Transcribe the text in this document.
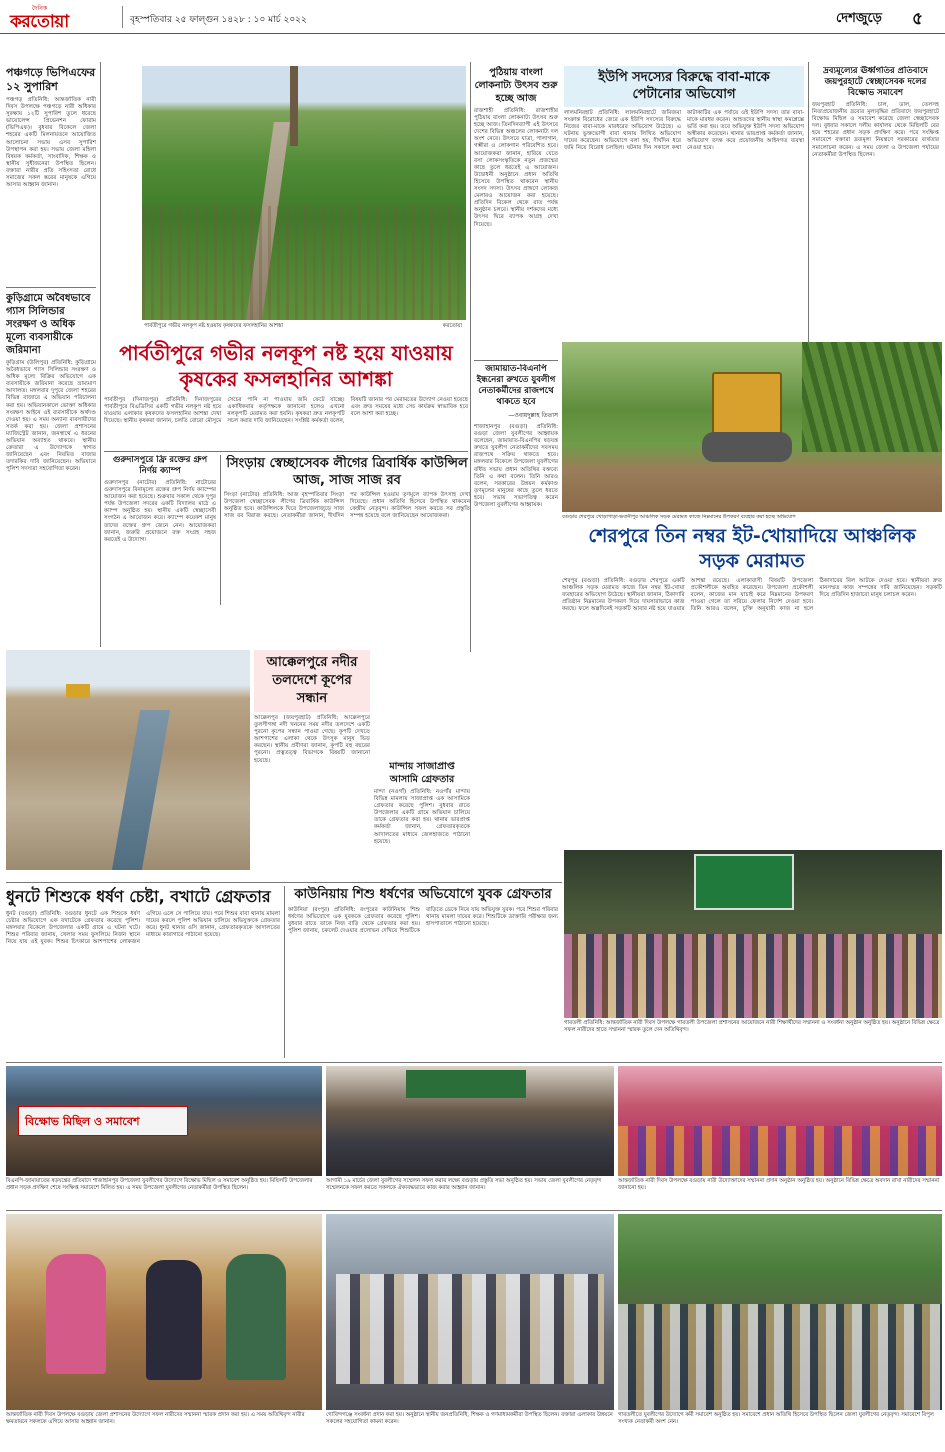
দৈনিক
করতোয়া	বৃহস্পতিবার ২৫ ফাল্গুন ১৪২৮ : ১০ মার্চ ২০২২	দেশজুড়ে ৫
পঞ্চগড়ে ভিপিএফের ১২ সুপারিশ
পঞ্চগড় প্রতিনিধি: আন্তর্জাতিক নারী দিবস উপলক্ষে পঞ্চগড়ে নারী অধিকার সুরক্ষায় ১২টি সুপারিশ তুলে ধরেছে ভায়োলেন্স প্রিভেনশন ফোরাম (ভিপিএফ)। বুধবার বিকেলে জেলা শহরের একটি মিলনায়তনে আয়োজিত আলোচনা সভায় এসব সুপারিশ উপস্থাপন করা হয়। সভায় জেলা মহিলা বিষয়ক কর্মকর্তা, সাংবাদিক, শিক্ষক ও স্থানীয় সুধীজনেরা উপস্থিত ছিলেন। বক্তারা নারীর প্রতি সহিংসতা রোধে সমাজের সকল স্তরের মানুষকে এগিয়ে আসার আহ্বান জানান।
কুড়িগ্রামে অবৈধভাবে গ্যাস সিলিন্ডার সংরক্ষণ ও অধিক মূল্যে ব্যবসায়ীকে জরিমানা
কুড়িগ্রাম (উলিপুর) প্রতিনিধি: কুড়িগ্রামে অবৈধভাবে গ্যাস সিলিন্ডার সংরক্ষণ ও অধিক মূল্যে বিক্রির অভিযোগে এক ব্যবসায়ীকে জরিমানা করেছে ভ্রাম্যমাণ আদালত। মঙ্গলবার দুপুরে জেলা শহরের বিভিন্ন বাজারে এ অভিযান পরিচালনা করা হয়। অভিযানকালে ভোক্তা অধিকার সংরক্ষণ আইনে ওই ব্যবসায়ীকে অর্থদণ্ড দেওয়া হয়। এ সময় অন্যান্য ব্যবসায়ীদের সতর্ক করা হয়। জেলা প্রশাসনের ম্যাজিস্ট্রেট জানান, জনস্বার্থে এ ধরনের অভিযান অব্যাহত থাকবে। স্থানীয় ক্রেতারা এ উদ্যোগকে স্বাগত জানিয়েছেন এবং নিয়মিত বাজার তদারকির দাবি জানিয়েছেন। অভিযানে পুলিশ সদস্যরা সহযোগিতা করেন।
পার্বতীপুরে গভীর নলকূপ নষ্ট হওয়ায় কৃষকদের ফসলহানির আশঙ্কা	করতোয়া
পার্বতীপুরে গভীর নলকূপ নষ্ট হয়ে যাওয়ায় কৃষকের ফসলহানির আশঙ্কা
পার্বতীপুর (দিনাজপুর) প্রতিনিধি: দিনাজপুরের পার্বতীপুরে বিএডিসির একটি গভীর নলকূপ নষ্ট হয়ে যাওয়ায় এলাকার কৃষকদের ফসলহানির আশঙ্কা দেখা দিয়েছে। স্থানীয় কৃষকরা জানান, চলতি বোরো মৌসুমে সেচের পানি না পাওয়ায় জমি ফেটে যাচ্ছে। একাধিকবার কর্তৃপক্ষকে জানানো হলেও এখনো নলকূপটি মেরামত করা হয়নি। কৃষকরা দ্রুত নলকূপটি সচল করার দাবি জানিয়েছেন। সংশ্লিষ্ট কর্মকর্তা বলেন, বিষয়টি জানার পর মেরামতের উদ্যোগ নেওয়া হয়েছে এবং দ্রুত সময়ের মধ্যে সেচ কার্যক্রম স্বাভাবিক হবে বলে আশা করা হচ্ছে।
গুরুদাসপুরে ফ্রি রক্তের গ্রুপ নির্ণয় ক্যাম্প
গুরুদাসপুর (নাটোর) প্রতিনিধি: নাটোরের গুরুদাসপুরে বিনামূল্যে রক্তের গ্রুপ নির্ণয় ক্যাম্পের আয়োজন করা হয়েছে। শুক্রবার সকাল থেকে দুপুর পর্যন্ত উপজেলা সদরের একটি বিদ্যালয় মাঠে এ ক্যাম্প অনুষ্ঠিত হয়। স্থানীয় একটি স্বেচ্ছাসেবী সংগঠন এ আয়োজন করে। ক্যাম্পে কয়েকশ মানুষ তাদের রক্তের গ্রুপ জেনে নেন। আয়োজকরা জানান, জরুরি প্রয়োজনে রক্ত সংগ্রহ সহজ করতেই এ উদ্যোগ।
সিংড়ায় স্বেচ্ছাসেবক লীগের ত্রিবার্ষিক কাউন্সিল আজ, সাজ সাজ রব
সিংড়া (নাটোর) প্রতিনিধি: আজ বৃহস্পতিবার সিংড়া উপজেলা স্বেচ্ছাসেবক লীগের ত্রিবার্ষিক কাউন্সিল অনুষ্ঠিত হবে। কাউন্সিলকে ঘিরে উপজেলাজুড়ে সাজ সাজ রব বিরাজ করছে। নেতাকর্মীরা জানান, দীর্ঘদিন পর কাউন্সিল হওয়ায় তৃণমূলে ব্যাপক উৎসাহ দেখা দিয়েছে। প্রধান অতিথি হিসেবে উপস্থিত থাকবেন কেন্দ্রীয় নেতৃবৃন্দ। কাউন্সিল সফল করতে সব প্রস্তুতি সম্পন্ন হয়েছে বলে জানিয়েছেন আয়োজকরা।
পুঠিয়ায় বাংলা লোকনাট্য উৎসব শুরু হচ্ছে আজ
রাজশাহী প্রতিনিধি: রাজশাহীর পুঠিয়ায় বাংলা লোকনাট্য উৎসব শুরু হচ্ছে আজ। তিনদিনব্যাপী এই উৎসবে দেশের বিভিন্ন অঞ্চলের লোকনাট্য দল অংশ নেবে। উৎসবে যাত্রা, পালাগান, গম্ভীরা ও লোকগান পরিবেশিত হবে। আয়োজকরা জানান, হারিয়ে যেতে বসা লোকসংস্কৃতিকে নতুন প্রজন্মের কাছে তুলে ধরতেই এ আয়োজন। উদ্বোধনী অনুষ্ঠানে প্রধান অতিথি হিসেবে উপস্থিত থাকবেন স্থানীয় সংসদ সদস্য। উৎসব প্রাঙ্গণে লোকজ মেলারও আয়োজন করা হয়েছে। প্রতিদিন বিকেল থেকে রাত পর্যন্ত অনুষ্ঠান চলবে। স্থানীয় দর্শকদের মধ্যে উৎসব ঘিরে ব্যাপক আগ্রহ দেখা দিয়েছে।
জামায়াত-বিএনপি ইন্ধনেরা রুখতে যুবলীগ নেতাকর্মীদের রাজপথে থাকতে হবে
—ওবায়দুল্লাহ তিতাস
শাজাহানপুর (বগুড়া) প্রতিনিধি: বগুড়া জেলা যুবলীগের আহ্বায়ক বলেছেন, জামায়াত-বিএনপির ষড়যন্ত্র রুখতে যুবলীগ নেতাকর্মীদের সবসময় রাজপথে সক্রিয় থাকতে হবে। মঙ্গলবার বিকেলে উপজেলা যুবলীগের বর্ধিত সভায় প্রধান অতিথির বক্তব্যে তিনি এ কথা বলেন। তিনি আরও বলেন, সরকারের উন্নয়ন কর্মকাণ্ড তৃণমূলের মানুষের কাছে তুলে ধরতে হবে। সভায় সভাপতিত্ব করেন উপজেলা যুবলীগের আহ্বায়ক।
ইউপি সদস্যের বিরুদ্ধে বাবা-মাকে পেটানোর অভিযোগ
লালমনিরহাট প্রতিনিধি: লালমনিরহাটে জমিজমা সংক্রান্ত বিরোধের জেরে এক ইউপি সদস্যের বিরুদ্ধে নিজের বাবা-মাকে মারধরের অভিযোগ উঠেছে। এ ঘটনায় ভুক্তভোগী বাবা থানায় লিখিত অভিযোগ দায়ের করেছেন। অভিযোগে বলা হয়, দীর্ঘদিন ধরে জমি নিয়ে বিরোধ চলছিল। ঘটনার দিন সকালে কথা কাটাকাটির এক পর্যায়ে ওই ইউপি সদস্য তার বাবা-মাকে মারধর করেন। আহতদের স্থানীয় স্বাস্থ্য কমপ্লেক্সে ভর্তি করা হয়। তবে অভিযুক্ত ইউপি সদস্য অভিযোগ অস্বীকার করেছেন। থানার ভারপ্রাপ্ত কর্মকর্তা জানান, অভিযোগ তদন্ত করে প্রয়োজনীয় আইনগত ব্যবস্থা নেওয়া হবে।
দ্রব্যমূল্যের ঊর্ধ্বগতির প্রতিবাদে জয়পুরহাটে স্বেচ্ছাসেবক দলের বিক্ষোভ সমাবেশ
জয়পুরহাট প্রতিনিধি: চাল, ডাল, তেলসহ নিত্যপ্রয়োজনীয় দ্রব্যের মূল্যবৃদ্ধির প্রতিবাদে জয়পুরহাটে বিক্ষোভ মিছিল ও সমাবেশ করেছে জেলা স্বেচ্ছাসেবক দল। বুধবার সকালে দলীয় কার্যালয় থেকে মিছিলটি বের হয়ে শহরের প্রধান সড়ক প্রদক্ষিণ করে। পরে সংক্ষিপ্ত সমাবেশে বক্তারা দ্রব্যমূল্য নিয়ন্ত্রণে সরকারের ব্যর্থতার সমালোচনা করেন। এ সময় জেলা ও উপজেলা পর্যায়ের নেতাকর্মীরা উপস্থিত ছিলেন।
বগুড়ার শেরপুরে খোড়াপাড়া-ভবানীপুর আঞ্চলিক সড়ক মেরামত কাজে নিম্নমানের উপকরণ ব্যবহার করা হচ্ছে অভিযোগ
শেরপুরে তিন নম্বর ইট-খোয়াদিয়ে আঞ্চলিক সড়ক মেরামত
শেরপুর (বগুড়া) প্রতিনিধি: বগুড়ার শেরপুরে একটি আঞ্চলিক সড়ক মেরামত কাজে তিন নম্বর ইট-খোয়া ব্যবহারের অভিযোগ উঠেছে। স্থানীয়রা জানান, ঠিকাদারি প্রতিষ্ঠান নিম্নমানের উপকরণ দিয়ে দায়সারাভাবে কাজ করছে। ফলে অল্পদিনেই সড়কটি আবার নষ্ট হয়ে যাওয়ার আশঙ্কা রয়েছে। এলাকাবাসী বিষয়টি উপজেলা প্রকৌশলীকে অবহিত করেছেন। উপজেলা প্রকৌশলী বলেন, কাজের মান যাচাই করে নিম্নমানের উপকরণ পাওয়া গেলে তা সরিয়ে ফেলার নির্দেশ দেওয়া হবে। তিনি আরও বলেন, চুক্তি অনুযায়ী কাজ না হলে ঠিকাদারের বিল আটকে দেওয়া হবে। স্থানীয়রা দ্রুত মানসম্মত কাজ সম্পন্নের দাবি জানিয়েছেন। সড়কটি দিয়ে প্রতিদিন হাজারো মানুষ চলাচল করেন।
আক্কেলপুরে নদীর তলদেশে কূপের সন্ধান
আক্কেলপুর (জয়পুরহাট) প্রতিনিধি: আক্কেলপুরে তুলসীগঙ্গা নদী খননের সময় নদীর তলদেশে একটি পুরনো কূপের সন্ধান পাওয়া গেছে। কূপটি দেখতে আশপাশের এলাকা থেকে উৎসুক মানুষ ভিড় করছেন। স্থানীয় প্রবীণরা জানান, কূপটি বহু বছরের পুরনো। প্রত্নতত্ত্ব বিভাগকে বিষয়টি জানানো হয়েছে।
মান্দায় সাজাপ্রাপ্ত আসামি গ্রেফতার
মান্দা (নওগাঁ) প্রতিনিধি: নওগাঁর মান্দায় বিভিন্ন মামলায় সাজাপ্রাপ্ত এক আসামিকে গ্রেফতার করেছে পুলিশ। বুধবার রাতে উপজেলার একটি গ্রামে অভিযান চালিয়ে তাকে গ্রেফতার করা হয়। থানার ভারপ্রাপ্ত কর্মকর্তা জানান, গ্রেফতারকৃতকে আদালতের মাধ্যমে জেলহাজতে পাঠানো হয়েছে।
ধুনটে শিশুকে ধর্ষণ চেষ্টা, বখাটে গ্রেফতার
ধুনট (বগুড়া) প্রতিনিধি: বগুড়ার ধুনটে এক শিশুকে ধর্ষণ চেষ্টার অভিযোগে এক বখাটেকে গ্রেফতার করেছে পুলিশ। মঙ্গলবার বিকেলে উপজেলার একটি গ্রামে এ ঘটনা ঘটে। শিশুর পরিবার জানায়, খেলার সময় ফুসলিয়ে নির্জন স্থানে নিয়ে যায় ওই যুবক। শিশুর চিৎকারে আশপাশের লোকজন এগিয়ে এলে সে পালিয়ে যায়। পরে শিশুর বাবা থানায় মামলা দায়ের করলে পুলিশ অভিযান চালিয়ে অভিযুক্তকে গ্রেফতার করে। ধুনট থানার ওসি জানান, গ্রেফতারকৃতকে আদালতের মাধ্যমে কারাগারে পাঠানো হয়েছে।
কাউনিয়ায় শিশু ধর্ষণের অভিযোগে যুবক গ্রেফতার
কাউনিয়া (রংপুর) প্রতিনিধি: রংপুরের কাউনিয়ায় শিশু ধর্ষণের অভিযোগে এক যুবককে গ্রেফতার করেছে পুলিশ। বুধবার রাতে তাকে নিজ বাড়ি থেকে গ্রেফতার করা হয়। পুলিশ জানায়, চকলেট দেওয়ার প্রলোভন দেখিয়ে শিশুটিকে বাড়িতে ডেকে নিয়ে যায় অভিযুক্ত যুবক। পরে শিশুর পরিবার থানায় মামলা দায়ের করে। শিশুটিকে ডাক্তারি পরীক্ষার জন্য হাসপাতালে পাঠানো হয়েছে।
গাবতলী প্রতিনিধি: আন্তর্জাতিক নারী দিবস উপলক্ষে গাবতলী উপজেলা প্রশাসনের আয়োজনে নারী শিক্ষার্থীদের সম্মাননা ও সংবর্ধনা অনুষ্ঠান অনুষ্ঠিত হয়। অনুষ্ঠানে বিভিন্ন ক্ষেত্রে সফল নারীদের হাতে সম্মাননা স্মারক তুলে দেন অতিথিবৃন্দ।
বিক্ষোভ মিছিল ও সমাবেশ
বিএনপি-জামায়াতের ষড়যন্ত্রের প্রতিবাদে শাজাহানপুর উপজেলা যুবলীগের উদ্যোগে বিক্ষোভ মিছিল ও সমাবেশ অনুষ্ঠিত হয়। মিছিলটি উপজেলার প্রধান সড়ক প্রদক্ষিণ শেষে সংক্ষিপ্ত সমাবেশে মিলিত হয়। এ সময় উপজেলা যুবলীগের নেতাকর্মীরা উপস্থিত ছিলেন।
আগামী ১৯ মার্চের জেলা যুবলীগের সম্মেলন সফল করার লক্ষ্যে বগুড়ায় প্রস্তুতি সভা অনুষ্ঠিত হয়। সভায় জেলা যুবলীগের নেতৃবৃন্দ সম্মেলনকে সফল করতে সকলকে ঐক্যবদ্ধভাবে কাজ করার আহ্বান জানান।
আন্তর্জাতিক নারী দিবস উপলক্ষে বগুড়ায় নারী উদ্যোক্তাদের সম্মাননা প্রদান অনুষ্ঠান অনুষ্ঠিত হয়। অনুষ্ঠানে বিভিন্ন ক্ষেত্রে অবদান রাখা নারীদের সম্মাননা জানানো হয়।
আন্তর্জাতিক নারী দিবস উপলক্ষে বগুড়ায় জেলা প্রশাসনের উদ্যোগে সফল নারীদের সম্মাননা স্মারক প্রদান করা হয়। এ সময় অতিথিবৃন্দ নারীর ক্ষমতায়নে সকলকে এগিয়ে আসার আহ্বান জানান।
গোবিন্দগঞ্জে সংবর্ধনা প্রদান করা হয়। অনুষ্ঠানে স্থানীয় জনপ্রতিনিধি, শিক্ষক ও গণমাধ্যমকর্মীরা উপস্থিত ছিলেন। বক্তারা এলাকার উন্নয়নে সকলের সহযোগিতা কামনা করেন।
গাবতলীতে যুবলীগের উদ্যোগে কর্মী সমাবেশ অনুষ্ঠিত হয়। সমাবেশে প্রধান অতিথি হিসেবে উপস্থিত ছিলেন জেলা যুবলীগের নেতৃবৃন্দ। সমাবেশে বিপুল সংখ্যক নেতাকর্মী অংশ নেন।
